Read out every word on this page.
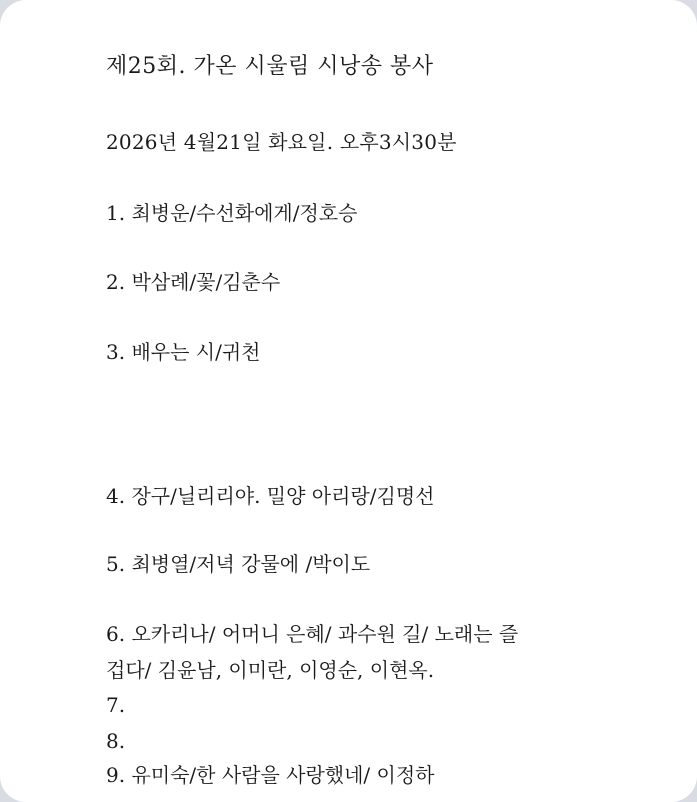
제25회. 가온 시울림 시낭송 봉사
2026년 4월21일 화요일. 오후3시30분
1. 최병운/수선화에게/정호승
2. 박삼례/꽃/김춘수
3. 배우는 시/귀천
4. 장구/닐리리야. 밀양 아리랑/김명선
5. 최병열/저녁 강물에 /박이도
6. 오카리나/ 어머니 은혜/ 과수원 길/ 노래는 즐
겁다/ 김윤남, 이미란, 이영순, 이현옥.
7.
8.
9. 유미숙/한 사람을 사랑했네/ 이정하
